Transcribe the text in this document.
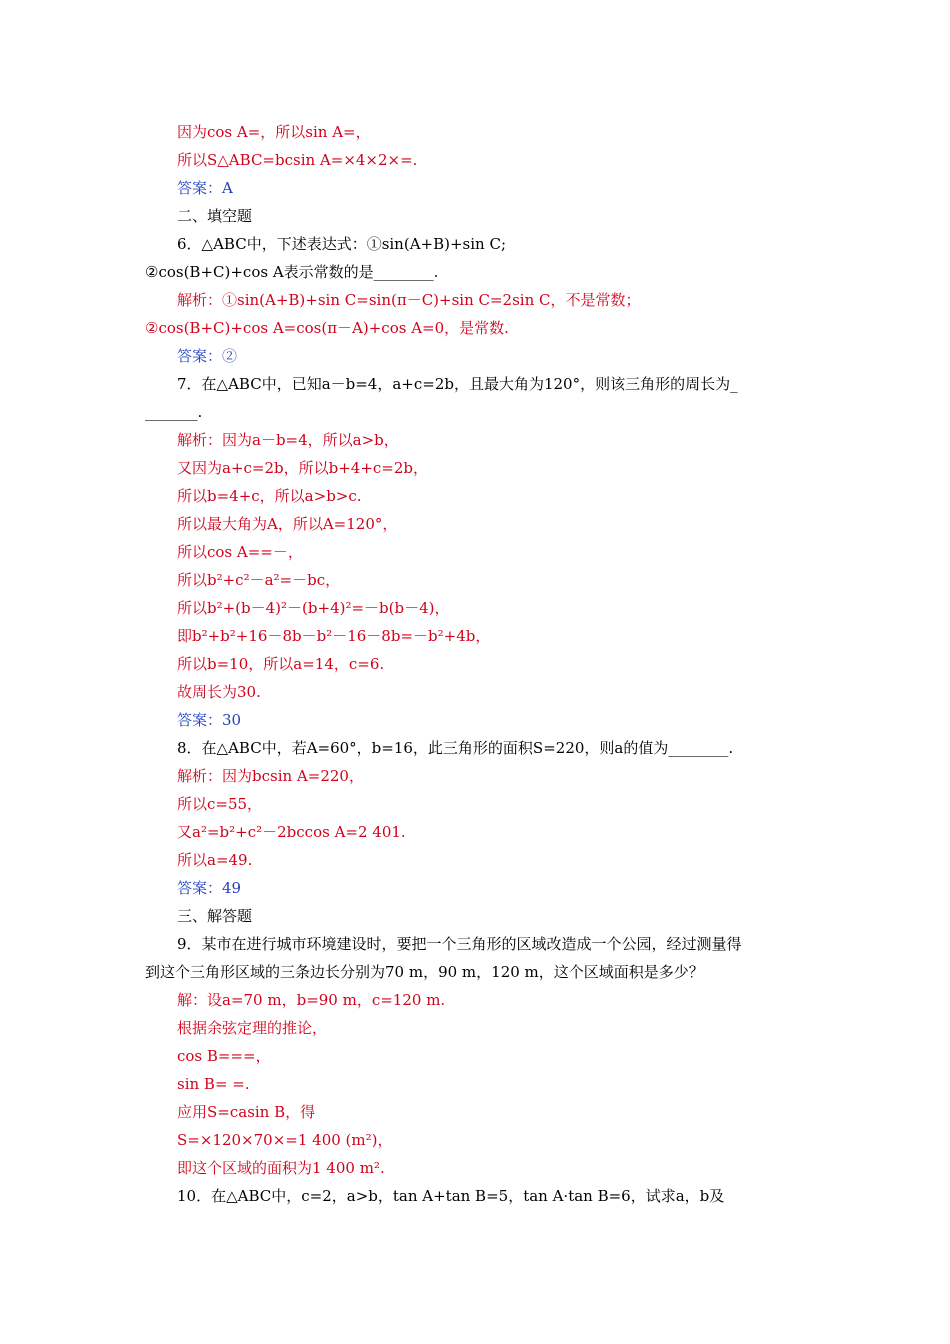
因为cos A=，所以sin A=，
所以S△ABC=bcsin A=×4×2×=.
答案：A
二、填空题
6．△ABC中，下述表达式：①sin(A+B)+sin C;
②cos(B+C)+cos A表示常数的是________.
解析：①sin(A+B)+sin C=sin(π－C)+sin C=2sin C，不是常数；
②cos(B+C)+cos A=cos(π－A)+cos A=0，是常数.
答案：②
7．在△ABC中，已知a－b=4，a+c=2b，且最大角为120°，则该三角形的周长为_
_______.
解析：因为a－b=4，所以a>b，
又因为a+c=2b，所以b+4+c=2b，
所以b=4+c，所以a>b>c.
所以最大角为A，所以A=120°，
所以cos A==－，
所以b²+c²－a²=－bc，
所以b²+(b－4)²－(b+4)²=－b(b－4)，
即b²+b²+16－8b－b²－16－8b=－b²+4b，
所以b=10，所以a=14，c=6.
故周长为30.
答案：30
8．在△ABC中，若A=60°，b=16，此三角形的面积S=220，则a的值为________.
解析：因为bcsin A=220，
所以c=55，
又a²=b²+c²－2bccos A=2 401.
所以a=49.
答案：49
三、解答题
9．某市在进行城市环境建设时，要把一个三角形的区域改造成一个公园，经过测量得
到这个三角形区域的三条边长分别为70 m，90 m，120 m，这个区域面积是多少？
解：设a=70 m，b=90 m，c=120 m.
根据余弦定理的推论，
cos B===，
sin B= =.
应用S=casin B，得
S=×120×70×=1 400 (m²)，
即这个区域的面积为1 400 m².
10．在△ABC中，c=2，a>b，tan A+tan B=5，tan A·tan B=6，试求a，b及
